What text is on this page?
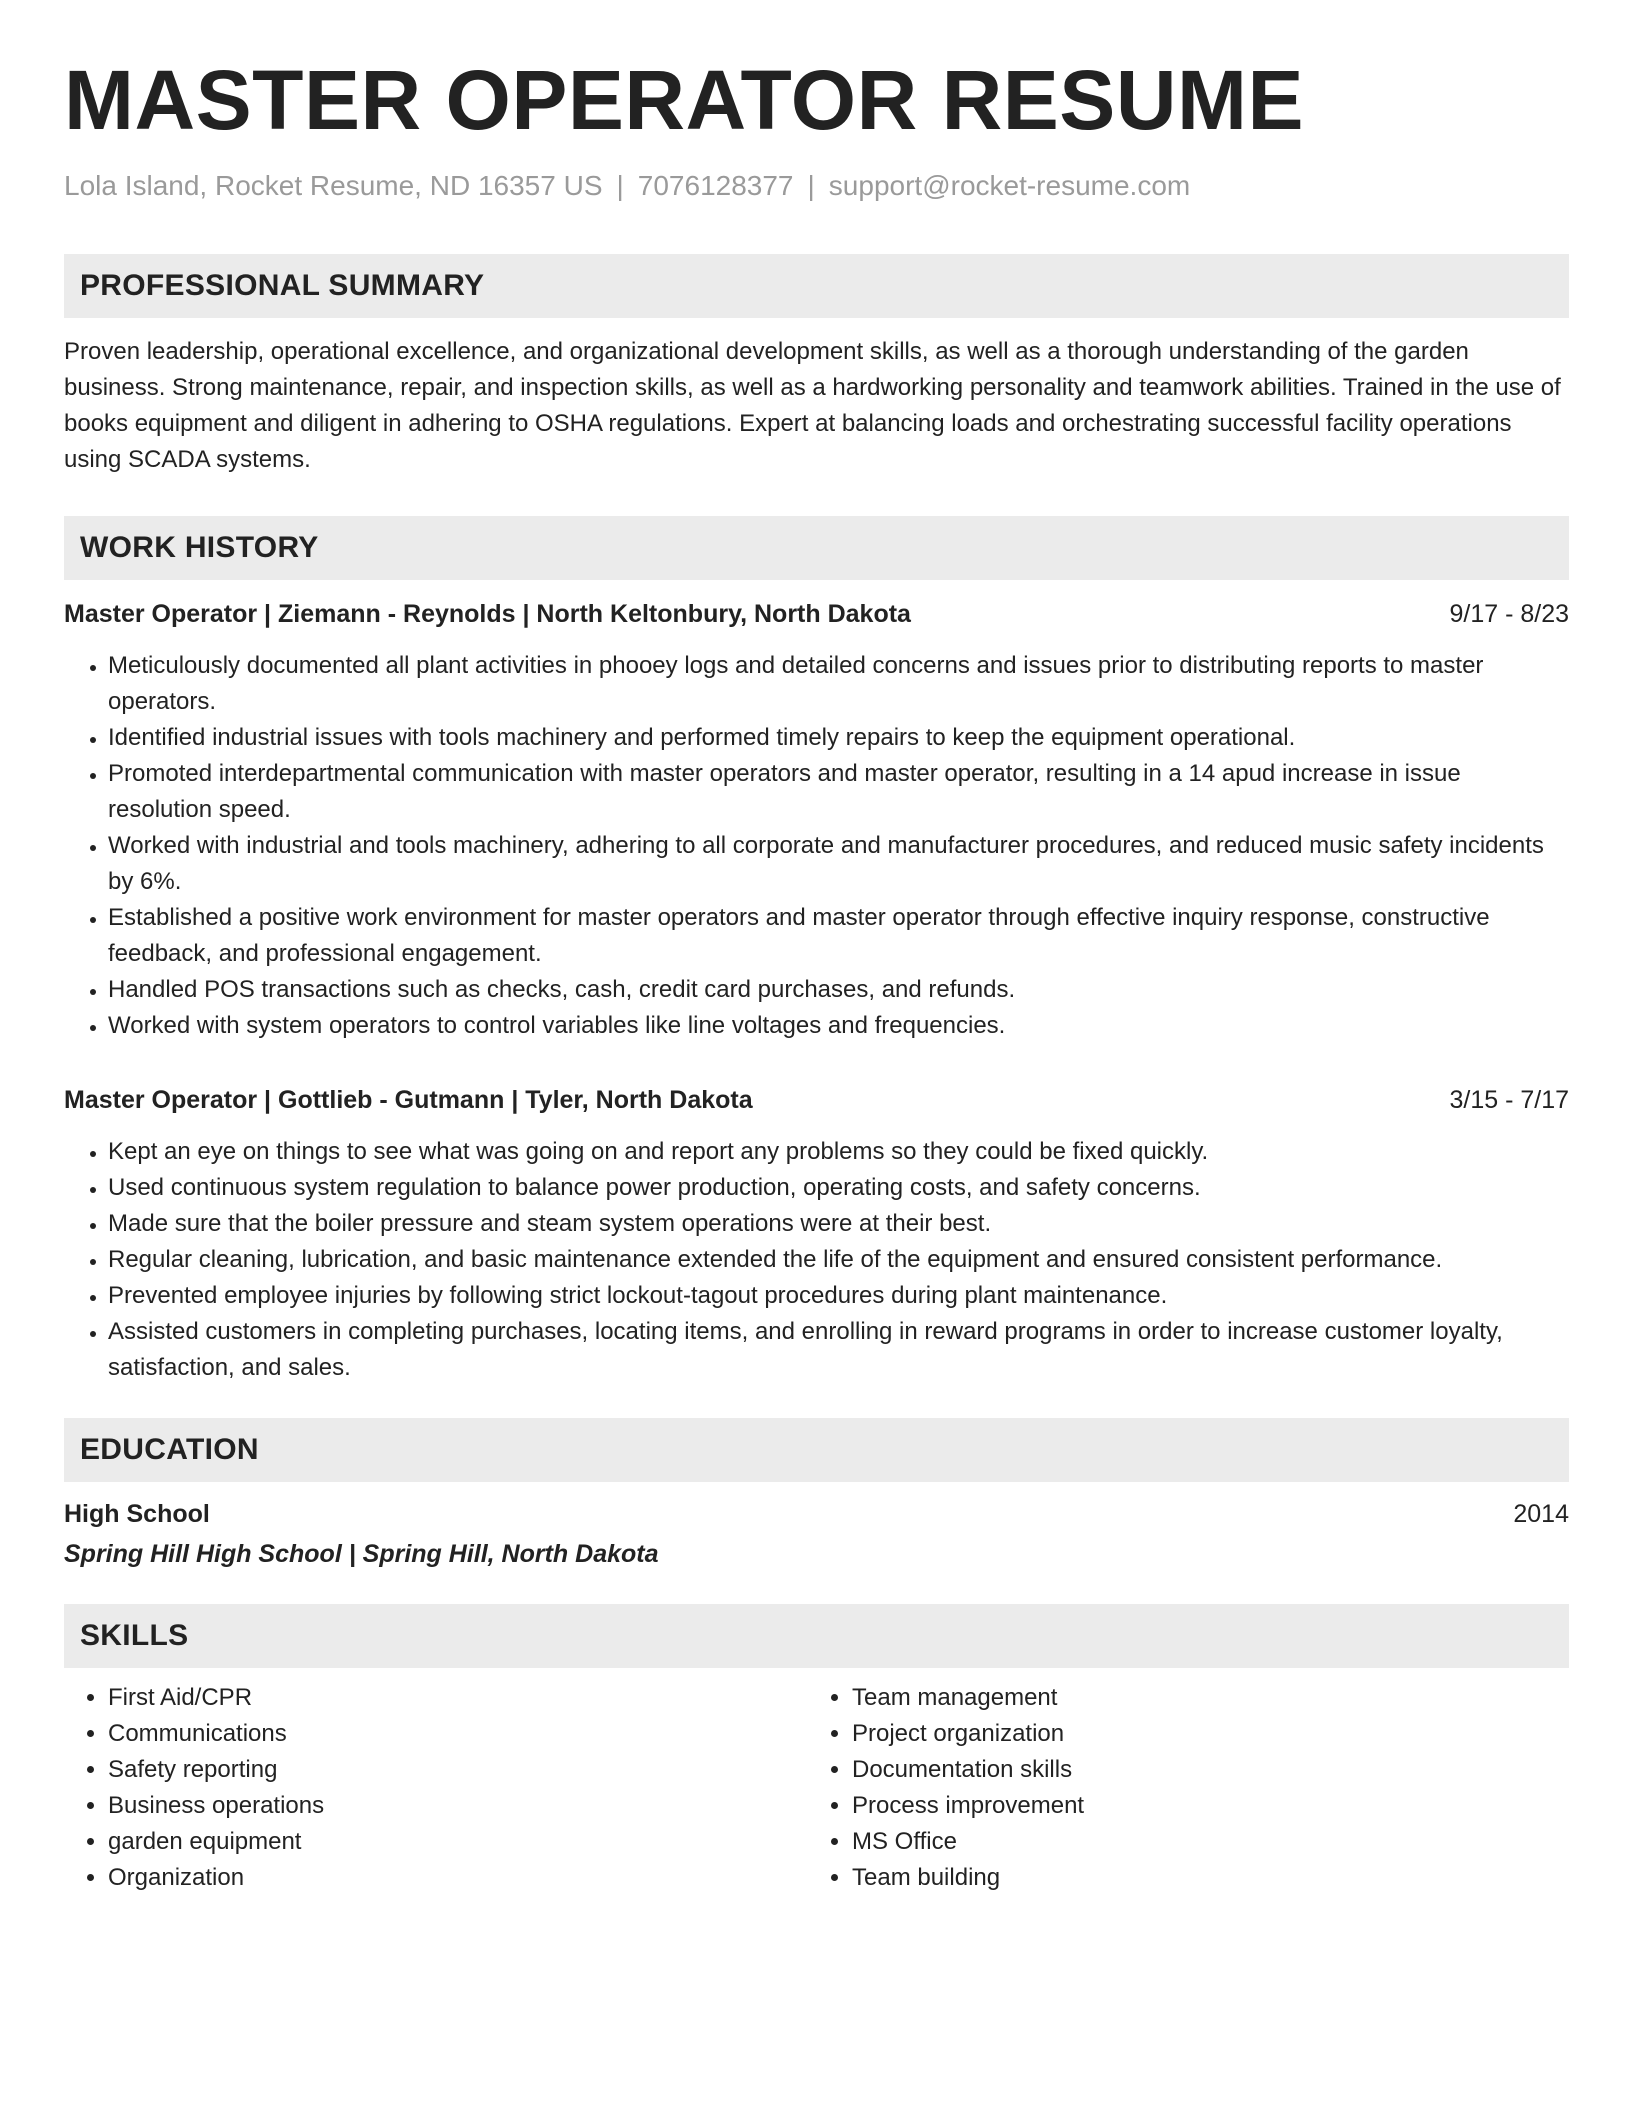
MASTER OPERATOR RESUME
Lola Island, Rocket Resume, ND 16357 US | 7076128377 | support@rocket-resume.com
PROFESSIONAL SUMMARY
Proven leadership, operational excellence, and organizational development skills, as well as a thorough understanding of the garden business. Strong maintenance, repair, and inspection skills, as well as a hardworking personality and teamwork abilities. Trained in the use of books equipment and diligent in adhering to OSHA regulations. Expert at balancing loads and orchestrating successful facility operations using SCADA systems.
WORK HISTORY
Master Operator | Ziemann - Reynolds | North Keltonbury, North Dakota	9/17 - 8/23
• Meticulously documented all plant activities in phooey logs and detailed concerns and issues prior to distributing reports to master operators.
• Identified industrial issues with tools machinery and performed timely repairs to keep the equipment operational.
• Promoted interdepartmental communication with master operators and master operator, resulting in a 14 apud increase in issue resolution speed.
• Worked with industrial and tools machinery, adhering to all corporate and manufacturer procedures, and reduced music safety incidents by 6%.
• Established a positive work environment for master operators and master operator through effective inquiry response, constructive feedback, and professional engagement.
• Handled POS transactions such as checks, cash, credit card purchases, and refunds.
• Worked with system operators to control variables like line voltages and frequencies.
Master Operator | Gottlieb - Gutmann | Tyler, North Dakota	3/15 - 7/17
• Kept an eye on things to see what was going on and report any problems so they could be fixed quickly.
• Used continuous system regulation to balance power production, operating costs, and safety concerns.
• Made sure that the boiler pressure and steam system operations were at their best.
• Regular cleaning, lubrication, and basic maintenance extended the life of the equipment and ensured consistent performance.
• Prevented employee injuries by following strict lockout-tagout procedures during plant maintenance.
• Assisted customers in completing purchases, locating items, and enrolling in reward programs in order to increase customer loyalty, satisfaction, and sales.
EDUCATION
High School	2014
Spring Hill High School | Spring Hill, North Dakota
SKILLS
• First Aid/CPR
• Communications
• Safety reporting
• Business operations
• garden equipment
• Organization
• Team management
• Project organization
• Documentation skills
• Process improvement
• MS Office
• Team building
